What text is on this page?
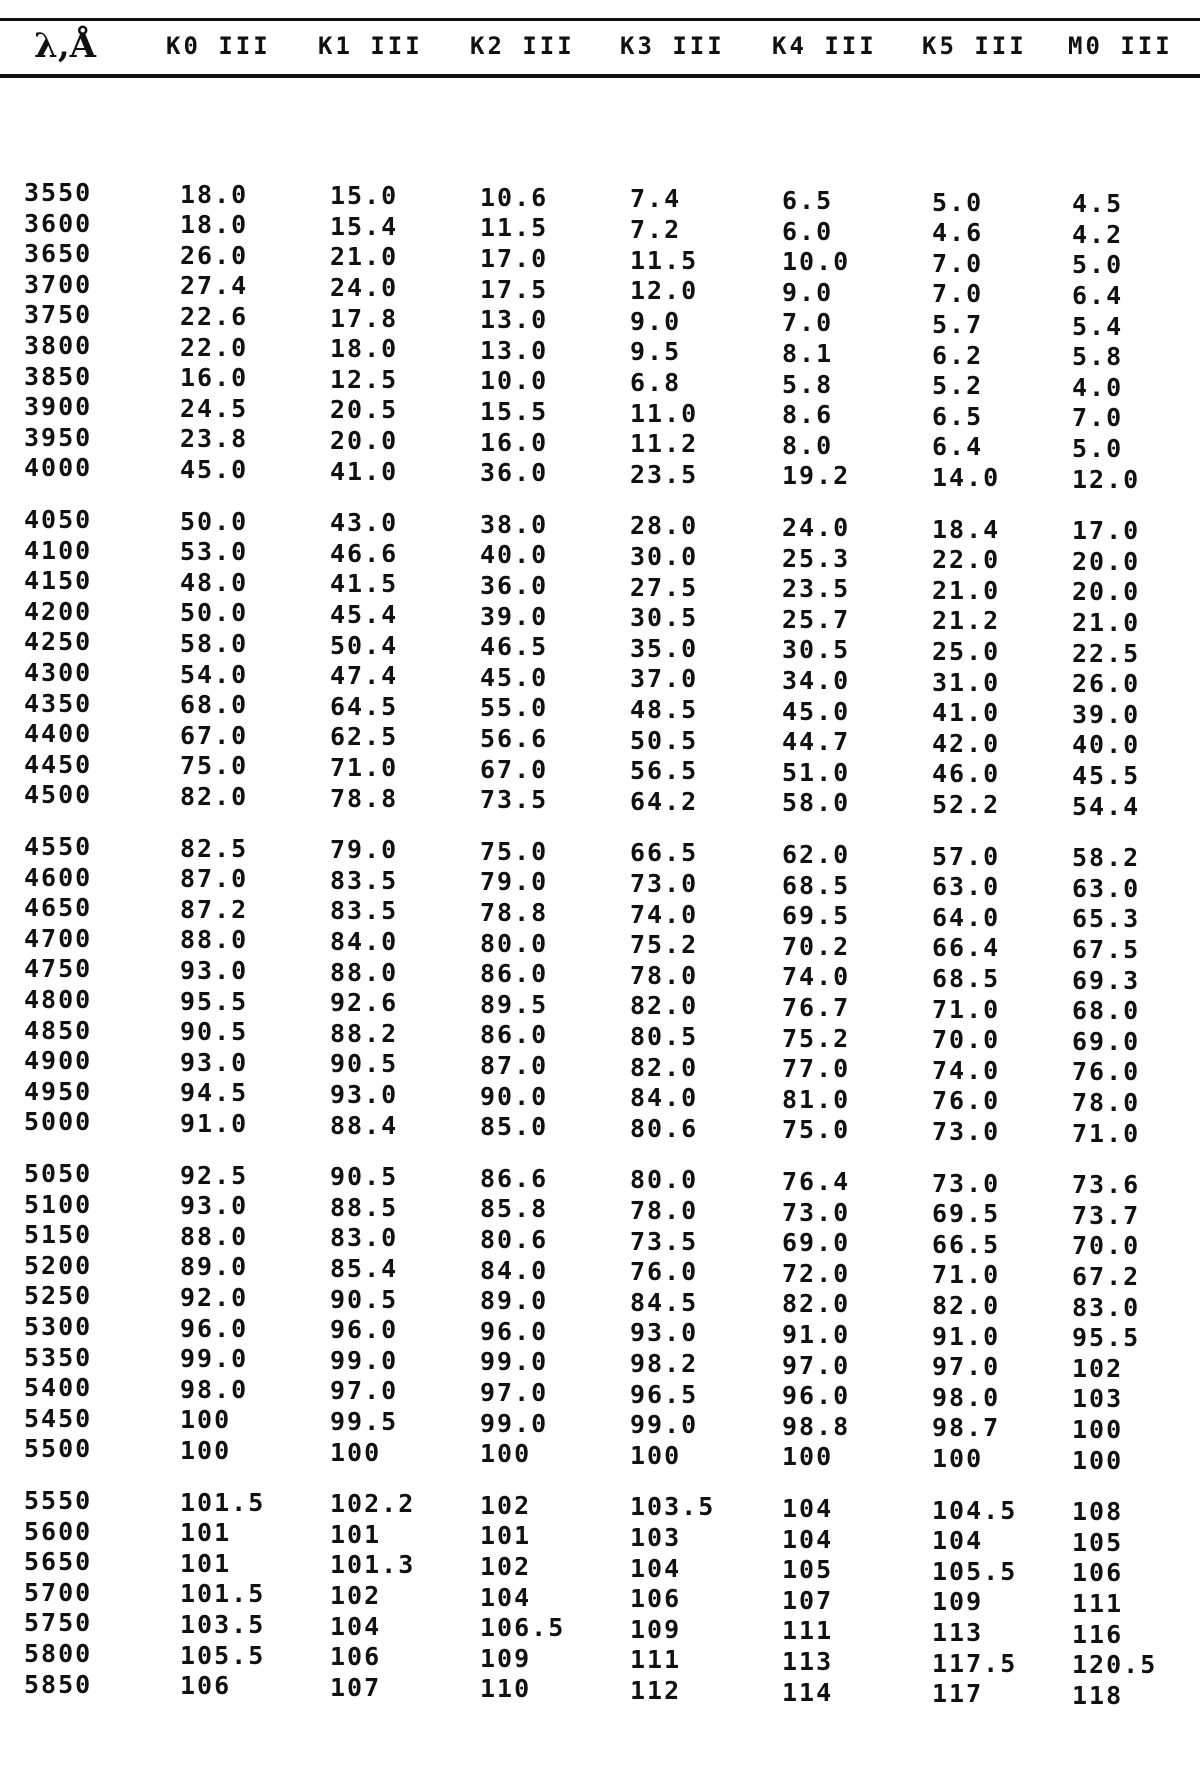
λ,Å	K0 III K1 III K2 III K3 III K4 III K5 III M0 III
3550	18.0	15.0	10.6	7.4	6.5	5.0	4.5
3600	18.0	15.4	11.5	7.2	6.0	4.6	4.2
3650	26.0	21.0	17.0	11.5	10.0	7.0	5.0
3700	27.4	24.0	17.5	12.0	9.0	7.0	6.4
3750	22.6	17.8	13.0	9.0	7.0	5.7	5.4
3800	22.0	18.0	13.0	9.5	8.1	6.2	5.8
3850	16.0	12.5	10.0	6.8	5.8	5.2	4.0
3900	24.5	20.5	15.5	11.0	8.6	6.5	7.0
3950	23.8	20.0	16.0	11.2	8.0	6.4	5.0
4000	45.0	41.0	36.0	23.5	19.2	14.0	12.0
4050	50.0	43.0	38.0	28.0	24.0	18.4	17.0
4100	53.0	46.6	40.0	30.0	25.3	22.0	20.0
4150	48.0	41.5	36.0	27.5	23.5	21.0	20.0
4200	50.0	45.4	39.0	30.5	25.7	21.2	21.0
4250	58.0	50.4	46.5	35.0	30.5	25.0	22.5
4300	54.0	47.4	45.0	37.0	34.0	31.0	26.0
4350	68.0	64.5	55.0	48.5	45.0	41.0	39.0
4400	67.0	62.5	56.6	50.5	44.7	42.0	40.0
4450	75.0	71.0	67.0	56.5	51.0	46.0	45.5
4500	82.0	78.8	73.5	64.2	58.0	52.2	54.4
4550	82.5	79.0	75.0	66.5	62.0	57.0	58.2
4600	87.0	83.5	79.0	73.0	68.5	63.0	63.0
4650	87.2	83.5	78.8	74.0	69.5	64.0	65.3
4700	88.0	84.0	80.0	75.2	70.2	66.4	67.5
4750	93.0	88.0	86.0	78.0	74.0	68.5	69.3
4800	95.5	92.6	89.5	82.0	76.7	71.0	68.0
4850	90.5	88.2	86.0	80.5	75.2	70.0	69.0
4900	93.0	90.5	87.0	82.0	77.0	74.0	76.0
4950	94.5	93.0	90.0	84.0	81.0	76.0	78.0
5000	91.0	88.4	85.0	80.6	75.0	73.0	71.0
5050	92.5	90.5	86.6	80.0	76.4	73.0	73.6
5100	93.0	88.5	85.8	78.0	73.0	69.5	73.7
5150	88.0	83.0	80.6	73.5	69.0	66.5	70.0
5200	89.0	85.4	84.0	76.0	72.0	71.0	67.2
5250	92.0	90.5	89.0	84.5	82.0	82.0	83.0
5300	96.0	96.0	96.0	93.0	91.0	91.0	95.5
5350	99.0	99.0	99.0	98.2	97.0	97.0	102
5400	98.0	97.0	97.0	96.5	96.0	98.0	103
5450	100	99.5	99.0	99.0	98.8	98.7	100
5500	100	100	100	100	100	100	100
5550	101.5	102.2	102	103.5	104	104.5 108
5600	101	101	101	103	104	104	105
5650	101	101.3	102	104	105	105.5 106
5700	101.5	102	104	106	107	109	111
5750	103.5	104	106.5	109	111	113	116
5800	105.5	106	109	111	113	117.5 120.5
5850	106	107	110	112	114	117	118
